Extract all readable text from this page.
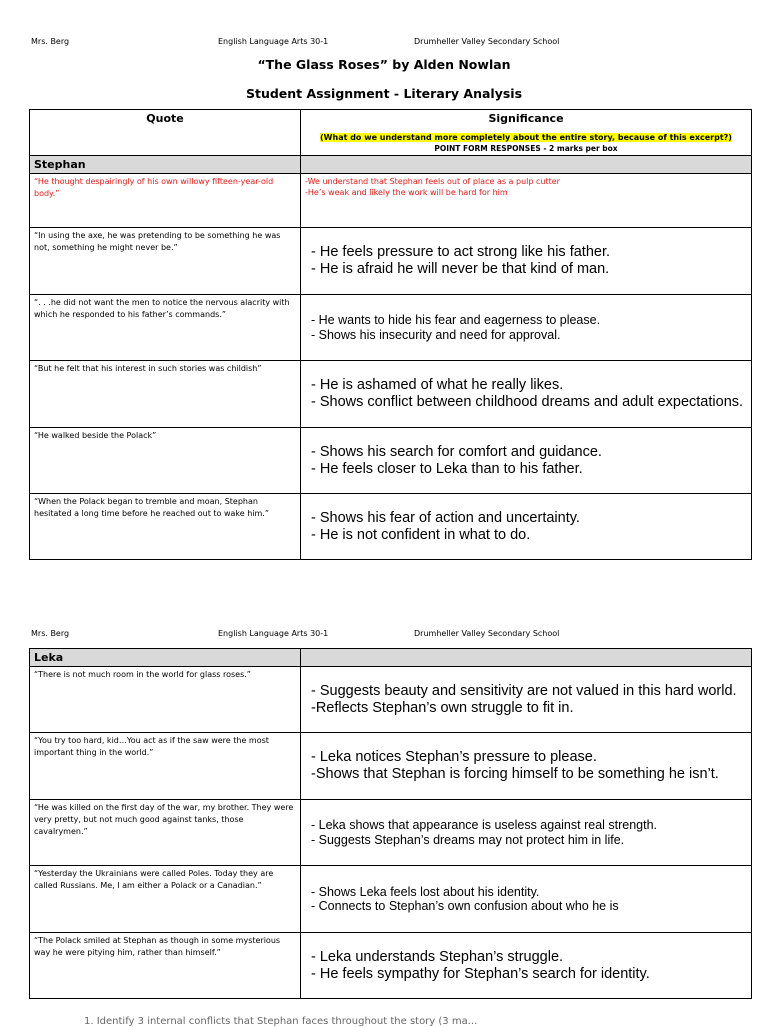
Mrs. Berg	English Language Arts 30-1	Drumheller Valley Secondary School
“The Glass Roses” by Alden Nowlan
Student Assignment - Literary Analysis
Quote	Significance
(What do we understand more completely about the entire story, because of this excerpt?)
POINT FORM RESPONSES - 2 marks per box

Stephan	
“He thought despairingly of his own willowy fifteen-year-old body.”	-We understand that Stephan feels out of place as a pulp cutter
-He’s weak and likely the work will be hard for him

“In using the axe, he was pretending to be something he was not, something he might never be.”	- He feels pressure to act strong like his father.
- He is afraid he will never be that kind of man.

“. . .he did not want the men to notice the nervous alacrity with which he responded to his father’s commands.”	- He wants to hide his fear and eagerness to please.
- Shows his insecurity and need for approval.

“But he felt that his interest in such stories was childish”	- He is ashamed of what he really likes.
- Shows conflict between childhood dreams and adult expectations.

“He walked beside the Polack”	- Shows his search for comfort and guidance.
- He feels closer to Leka than to his father.

“When the Polack began to tremble and moan, Stephan hesitated a long time before he reached out to wake him.”	- Shows his fear of action and uncertainty.
- He is not confident in what to do.
Mrs. Berg	English Language Arts 30-1	Drumheller Valley Secondary School
Leka	
“There is not much room in the world for glass roses.”	- Suggests beauty and sensitivity are not valued in this hard world.
-Reflects Stephan’s own struggle to fit in.

“You try too hard, kid…You act as if the saw were the most important thing in the world.”	- Leka notices Stephan’s pressure to please.
-Shows that Stephan is forcing himself to be something he isn’t.

“He was killed on the first day of the war, my brother. They were very pretty, but not much good against tanks, those cavalrymen.”	- Leka shows that appearance is useless against real strength.
- Suggests Stephan’s dreams may not protect him in life.

“Yesterday the Ukrainians were called Poles. Today they are called Russians. Me, I am either a Polack or a Canadian.”	- Shows Leka feels lost about his identity.
- Connects to Stephan’s own confusion about who he is

“The Polack smiled at Stephan as though in some mysterious way he were pitying him, rather than himself.”	- Leka understands Stephan’s struggle.
- He feels sympathy for Stephan’s search for identity.
1. Identify 3 internal conflicts that Stephan faces throughout the story (3 ma...
